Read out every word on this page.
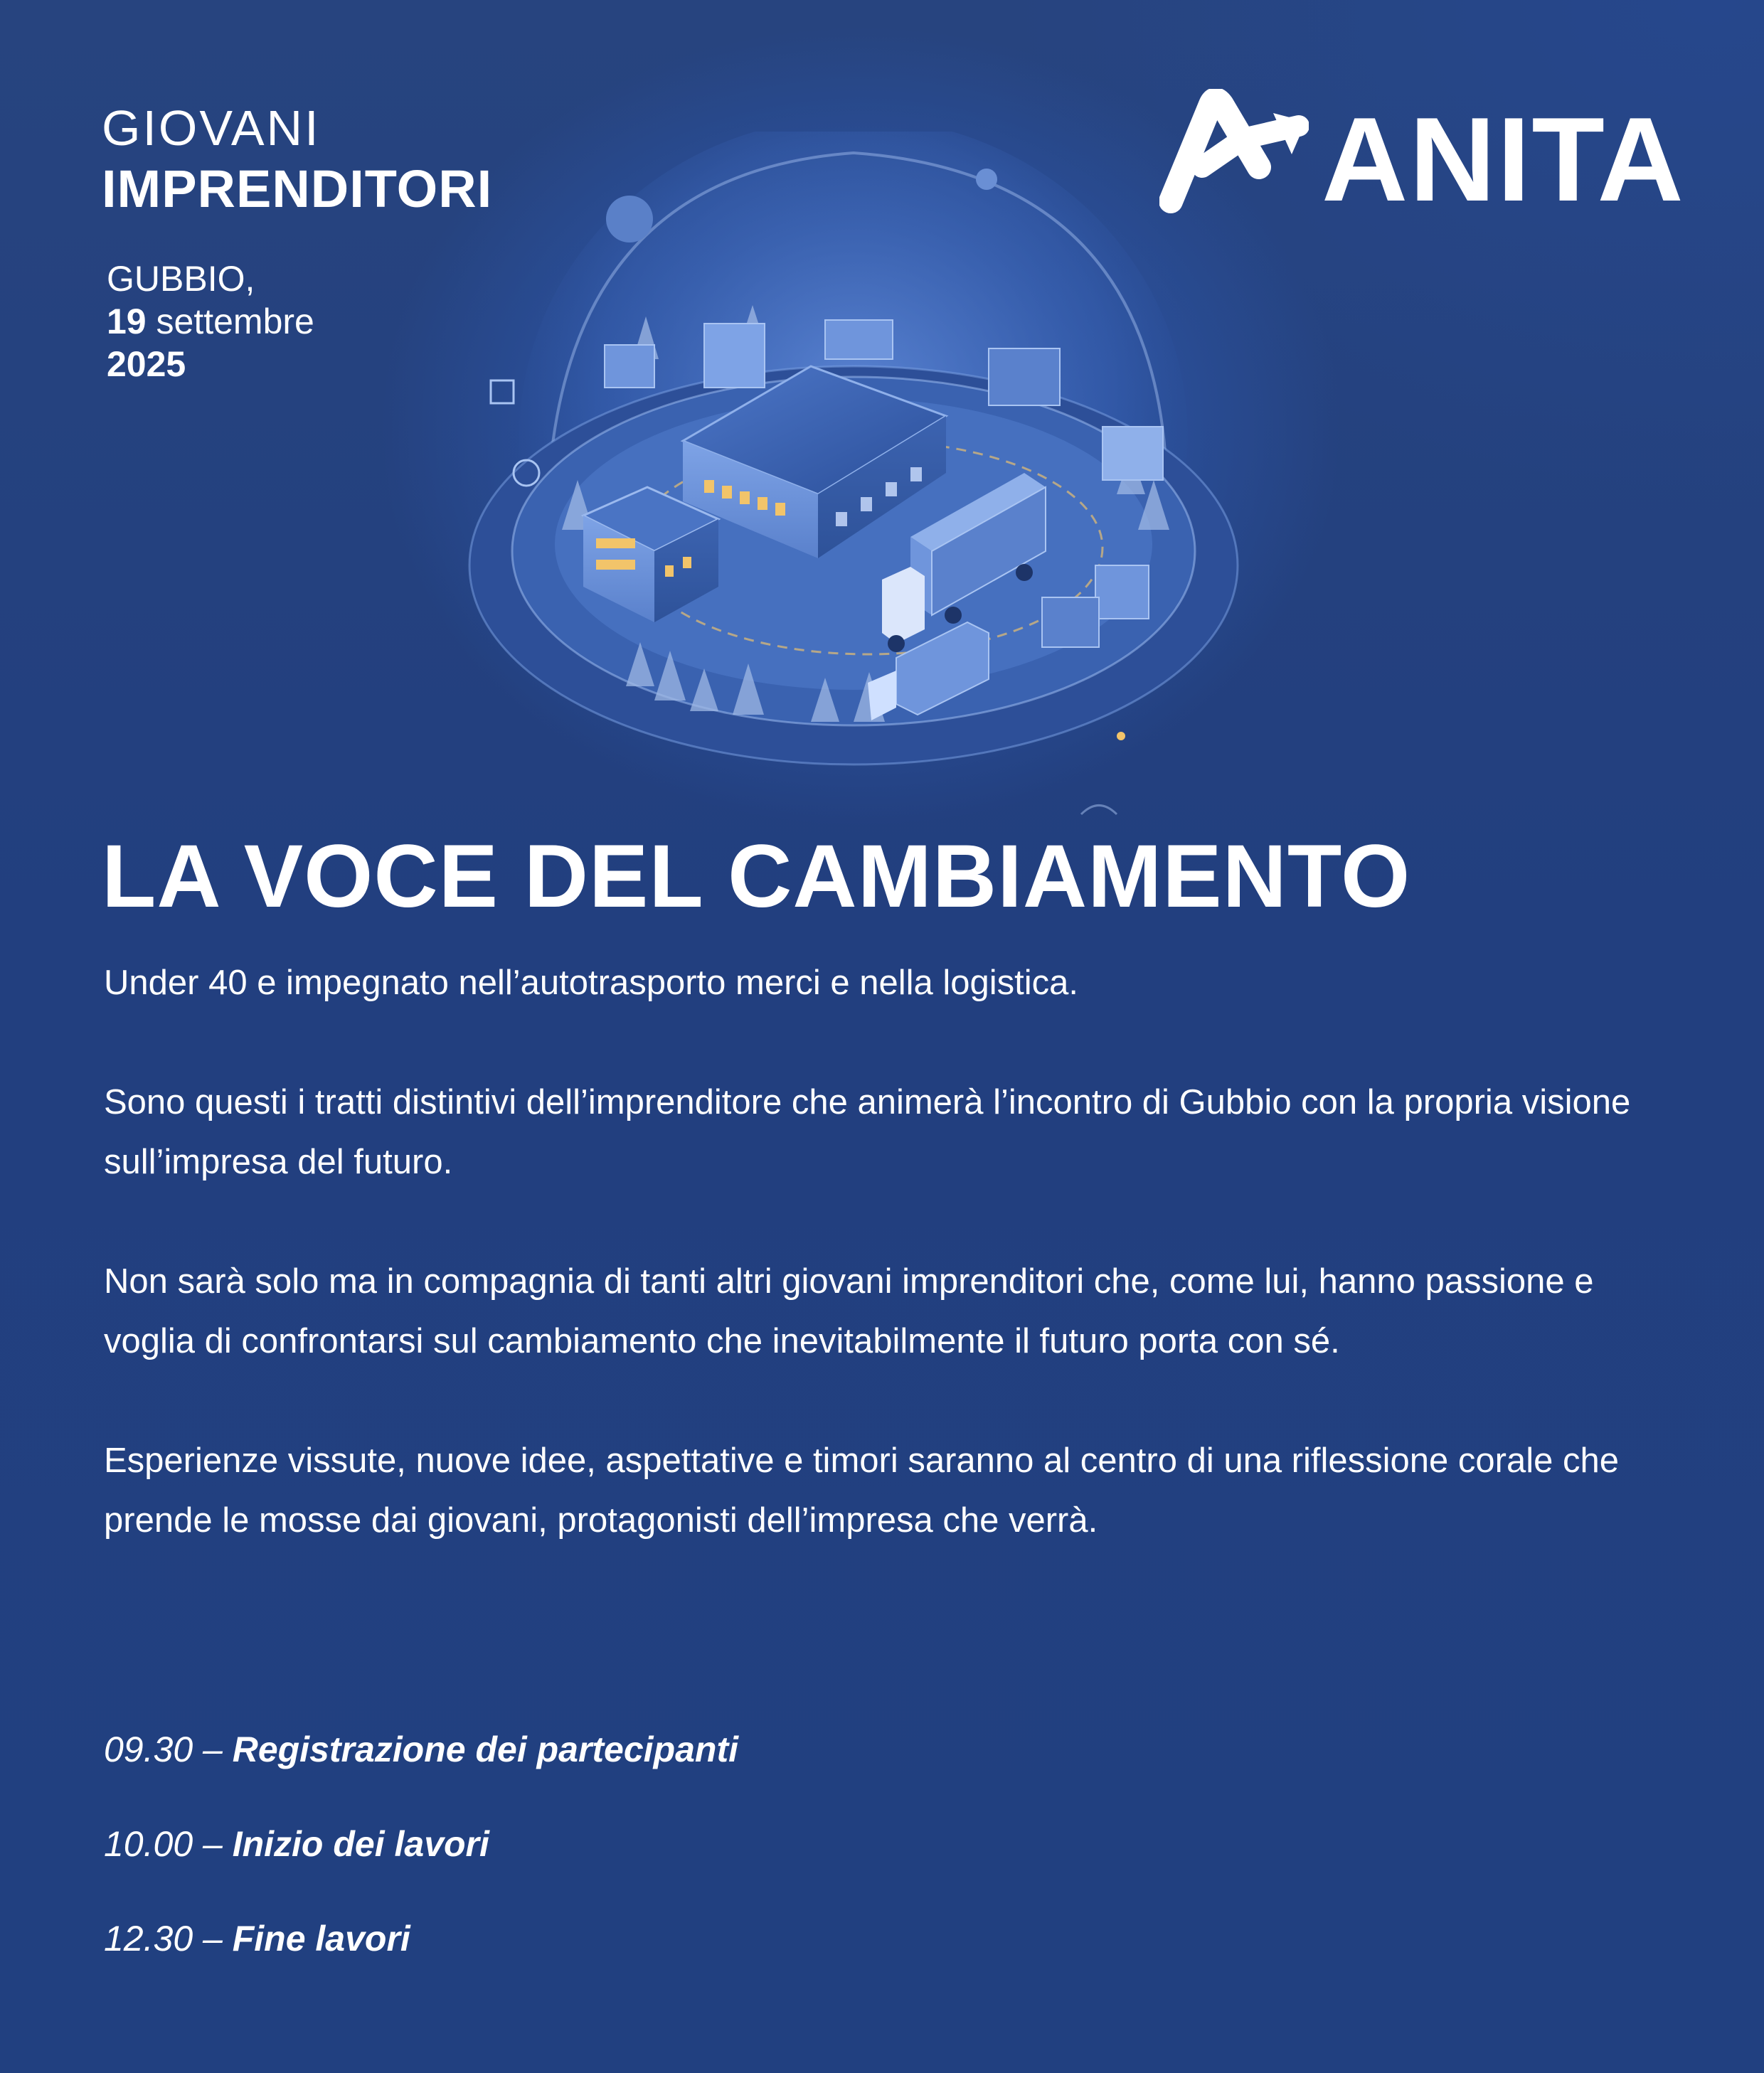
GIOVANI
IMPRENDITORI
GUBBIO,
19 settembre
2025
ANITA
LA VOCE DEL CAMBIAMENTO

Under 40 e impegnato nell’autotrasporto merci e nella logistica.

Sono questi i tratti distintivi dell’imprenditore che animerà l’incontro di Gubbio con la propria visione sull’impresa del futuro.

Non sarà solo ma in compagnia di tanti altri giovani imprenditori che, come lui, hanno passione e voglia di confrontarsi sul cambiamento che inevitabilmente il futuro porta con sé.

Esperienze vissute, nuove idee, aspettative e timori saranno al centro di una riflessione corale che prende le mosse dai giovani, protagonisti dell’impresa che verrà.

09.30 – Registrazione dei partecipanti
10.00 – Inizio dei lavori
12.30 – Fine lavori
